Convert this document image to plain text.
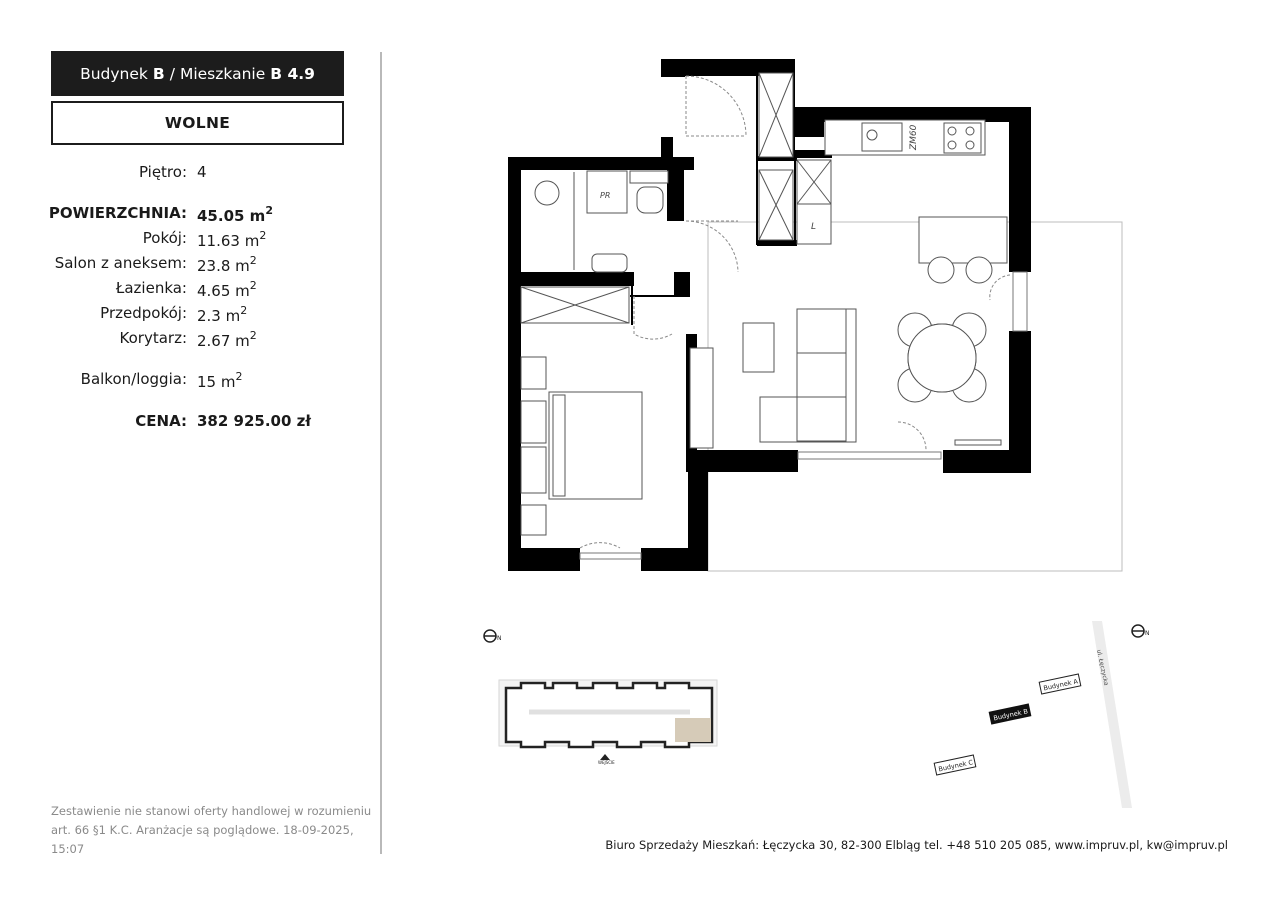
Budynek B / Mieszkanie B 4.9
WOLNE
Piętro: 4
POWIERZCHNIA: 45.05 $m^2$
Pokój: 11.63 $m^2$
Salon z aneksem: 23.8 $m^2$
Łazienka: 4.65 $m^2$
Przedpokój: 2.3 $m^2$
Korytarz: 2.67 $m^2$
Balkon/loggia: 15 $m^2$
CENA: 382 925.00 zł
L
ZM60
PR
N
WEJŚCIE
N
ul. Łęczycka
Budynek A
Budynek B
Budynek C
Zestawienie nie stanowi oferty handlowej w rozumieniu art. 66 §1 K.C. Aranżacje są poglądowe. 18-09-2025, 15:07	Biuro Sprzedaży Mieszkań: Łęczycka 30, 82-300 Elbląg tel. +48 510 205 085, www.impruv.pl, kw@impruv.pl
